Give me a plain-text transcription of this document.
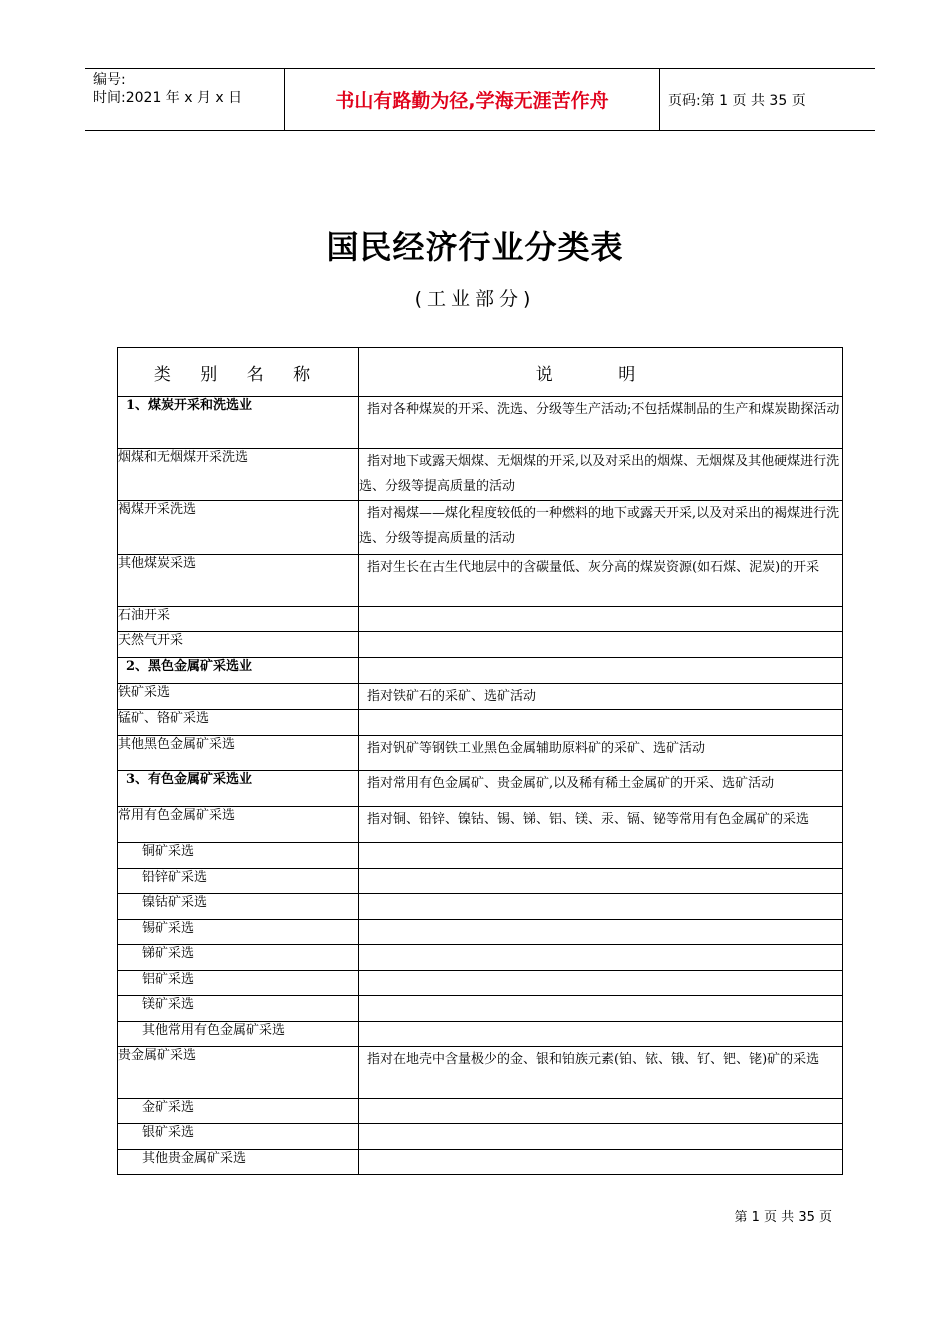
编号:
时间:2021 年 x 月 x 日	书山有路勤为径,学海无涯苦作舟	页码:第 1 页 共 35 页
国民经济行业分类表
(工业部分)
类 别 名 称	说 明
1、煤炭开采和洗选业	指对各种煤炭的开采、洗选、分级等生产活动;不包括煤制品的生产和煤炭勘探活动
烟煤和无烟煤开采洗选	指对地下或露天烟煤、无烟煤的开采,以及对采出的烟煤、无烟煤及其他硬煤进行洗选、分级等提高质量的活动
褐煤开采洗选	指对褐煤——煤化程度较低的一种燃料的地下或露天开采,以及对采出的褐煤进行洗选、分级等提高质量的活动
其他煤炭采选	指对生长在古生代地层中的含碳量低、灰分高的煤炭资源(如石煤、泥炭)的开采
石油开采	
天然气开采	
2、黑色金属矿采选业	
铁矿采选	指对铁矿石的采矿、选矿活动
锰矿、铬矿采选	
其他黑色金属矿采选	指对钒矿等钢铁工业黑色金属辅助原料矿的采矿、选矿活动
3、有色金属矿采选业	指对常用有色金属矿、贵金属矿,以及稀有稀土金属矿的开采、选矿活动
常用有色金属矿采选	指对铜、铅锌、镍钴、锡、锑、铝、镁、汞、镉、铋等常用有色金属矿的采选
铜矿采选	
铅锌矿采选	
镍钴矿采选	
锡矿采选	
锑矿采选	
铝矿采选	
镁矿采选	
其他常用有色金属矿采选	
贵金属矿采选	指对在地壳中含量极少的金、银和铂族元素(铂、铱、锇、钌、钯、铑)矿的采选
金矿采选	
银矿采选	
其他贵金属矿采选	
第 1 页 共 35 页
